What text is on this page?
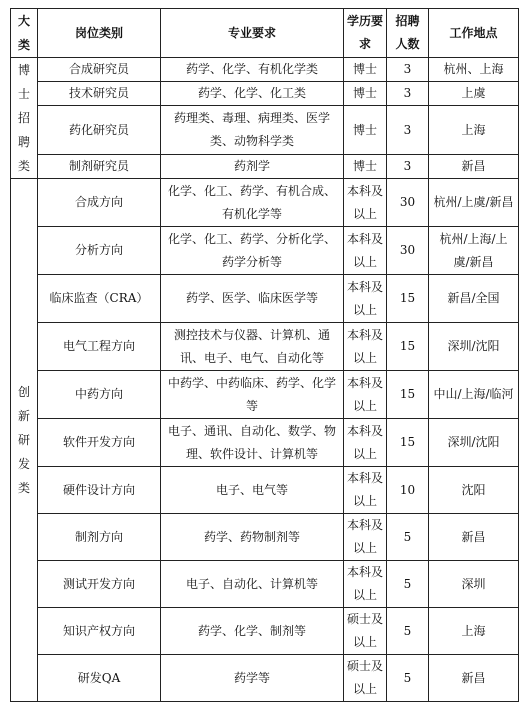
大类	岗位类别	专业要求	学历要求	招聘人数	工作地点
博士招聘类	合成研究员	药学、化学、有机化学类	博士	3	杭州、上海
	技术研究员	药学、化学、化工类	博士	3	上虞
	药化研究员	药理类、毒理、病理类、医学类、动物科学类	博士	3	上海
	制剂研究员	药剂学	博士	3	新昌
创新研发类	合成方向	化学、化工、药学、有机合成、有机化学等	本科及以上	30	杭州/上虞/新昌
	分析方向	化学、化工、药学、分析化学、药学分析等	本科及以上	30	杭州/上海/上虞/新昌
	临床监查（CRA）	药学、医学、临床医学等	本科及以上	15	新昌/全国
	电气工程方向	测控技术与仪器、计算机、通讯、电子、电气、自动化等	本科及以上	15	深圳/沈阳
	中药方向	中药学、中药临床、药学、化学等	本科及以上	15	中山/上海/临河
	软件开发方向	电子、通讯、自动化、数学、物理、软件设计、计算机等	本科及以上	15	深圳/沈阳
	硬件设计方向	电子、电气等	本科及以上	10	沈阳
	制剂方向	药学、药物制剂等	本科及以上	5	新昌
	测试开发方向	电子、自动化、计算机等	本科及以上	5	深圳
	知识产权方向	药学、化学、制剂等	硕士及以上	5	上海
	研发QA	药学等	硕士及以上	5	新昌
